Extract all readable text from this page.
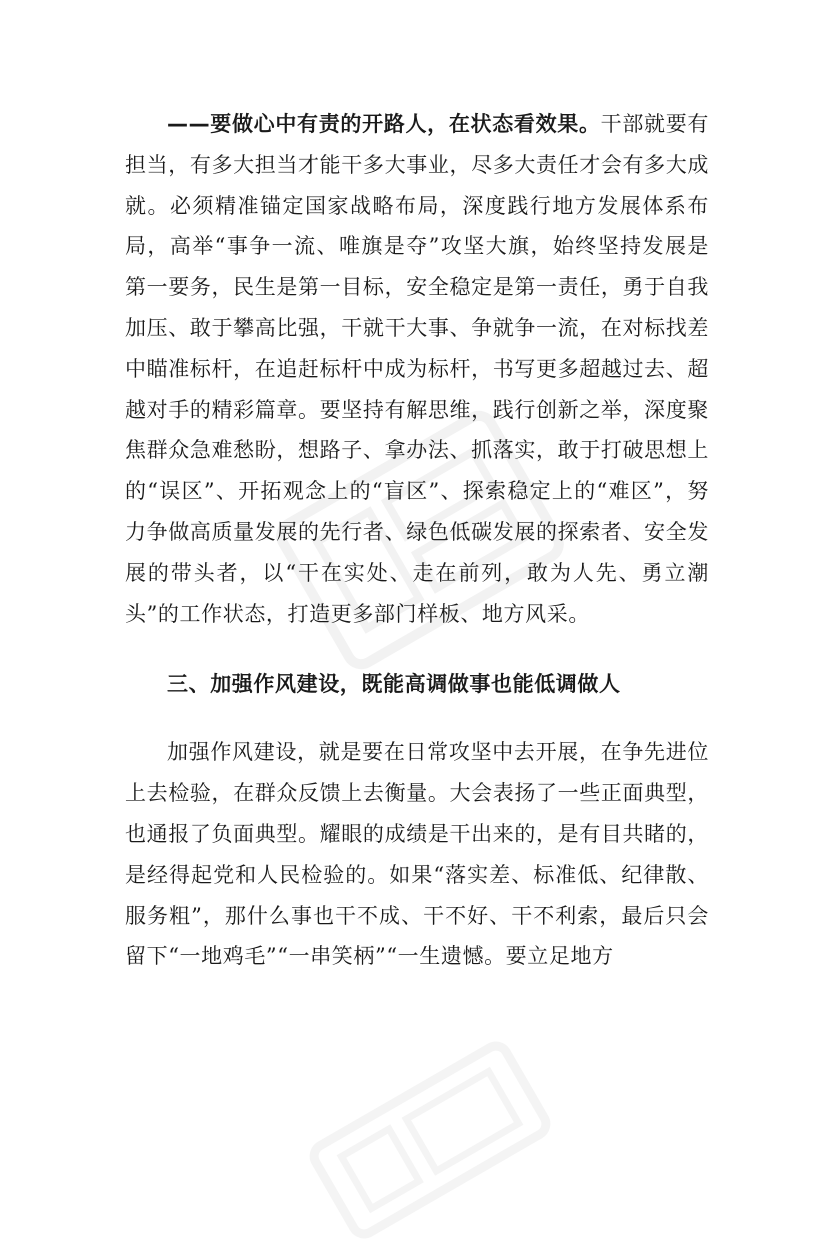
——要做心中有责的开路人，在状态看效果。干部就要有担当，有多大担当才能干多大事业，尽多大责任才会有多大成就。必须精准锚定国家战略布局，深度践行地方发展体系布局，高举“事争一流、唯旗是夺”攻坚大旗，始终坚持发展是第一要务，民生是第一目标，安全稳定是第一责任，勇于自我加压、敢于攀高比强，干就干大事、争就争一流，在对标找差中瞄准标杆，在追赶标杆中成为标杆，书写更多超越过去、超越对手的精彩篇章。要坚持有解思维，践行创新之举，深度聚焦群众急难愁盼，想路子、拿办法、抓落实，敢于打破思想上的“误区”、开拓观念上的“盲区”、探索稳定上的“难区”，努力争做高质量发展的先行者、绿色低碳发展的探索者、安全发展的带头者，以“干在实处、走在前列，敢为人先、勇立潮头”的工作状态，打造更多部门样板、地方风采。

三、加强作风建设，既能高调做事也能低调做人

加强作风建设，就是要在日常攻坚中去开展，在争先进位上去检验，在群众反馈上去衡量。大会表扬了一些正面典型，也通报了负面典型。耀眼的成绩是干出来的，是有目共睹的，是经得起党和人民检验的。如果“落实差、标准低、纪律散、服务粗”，那什么事也干不成、干不好、干不利索，最后只会留下“一地鸡毛”“一串笑柄”“一生遗憾。要立足地方
